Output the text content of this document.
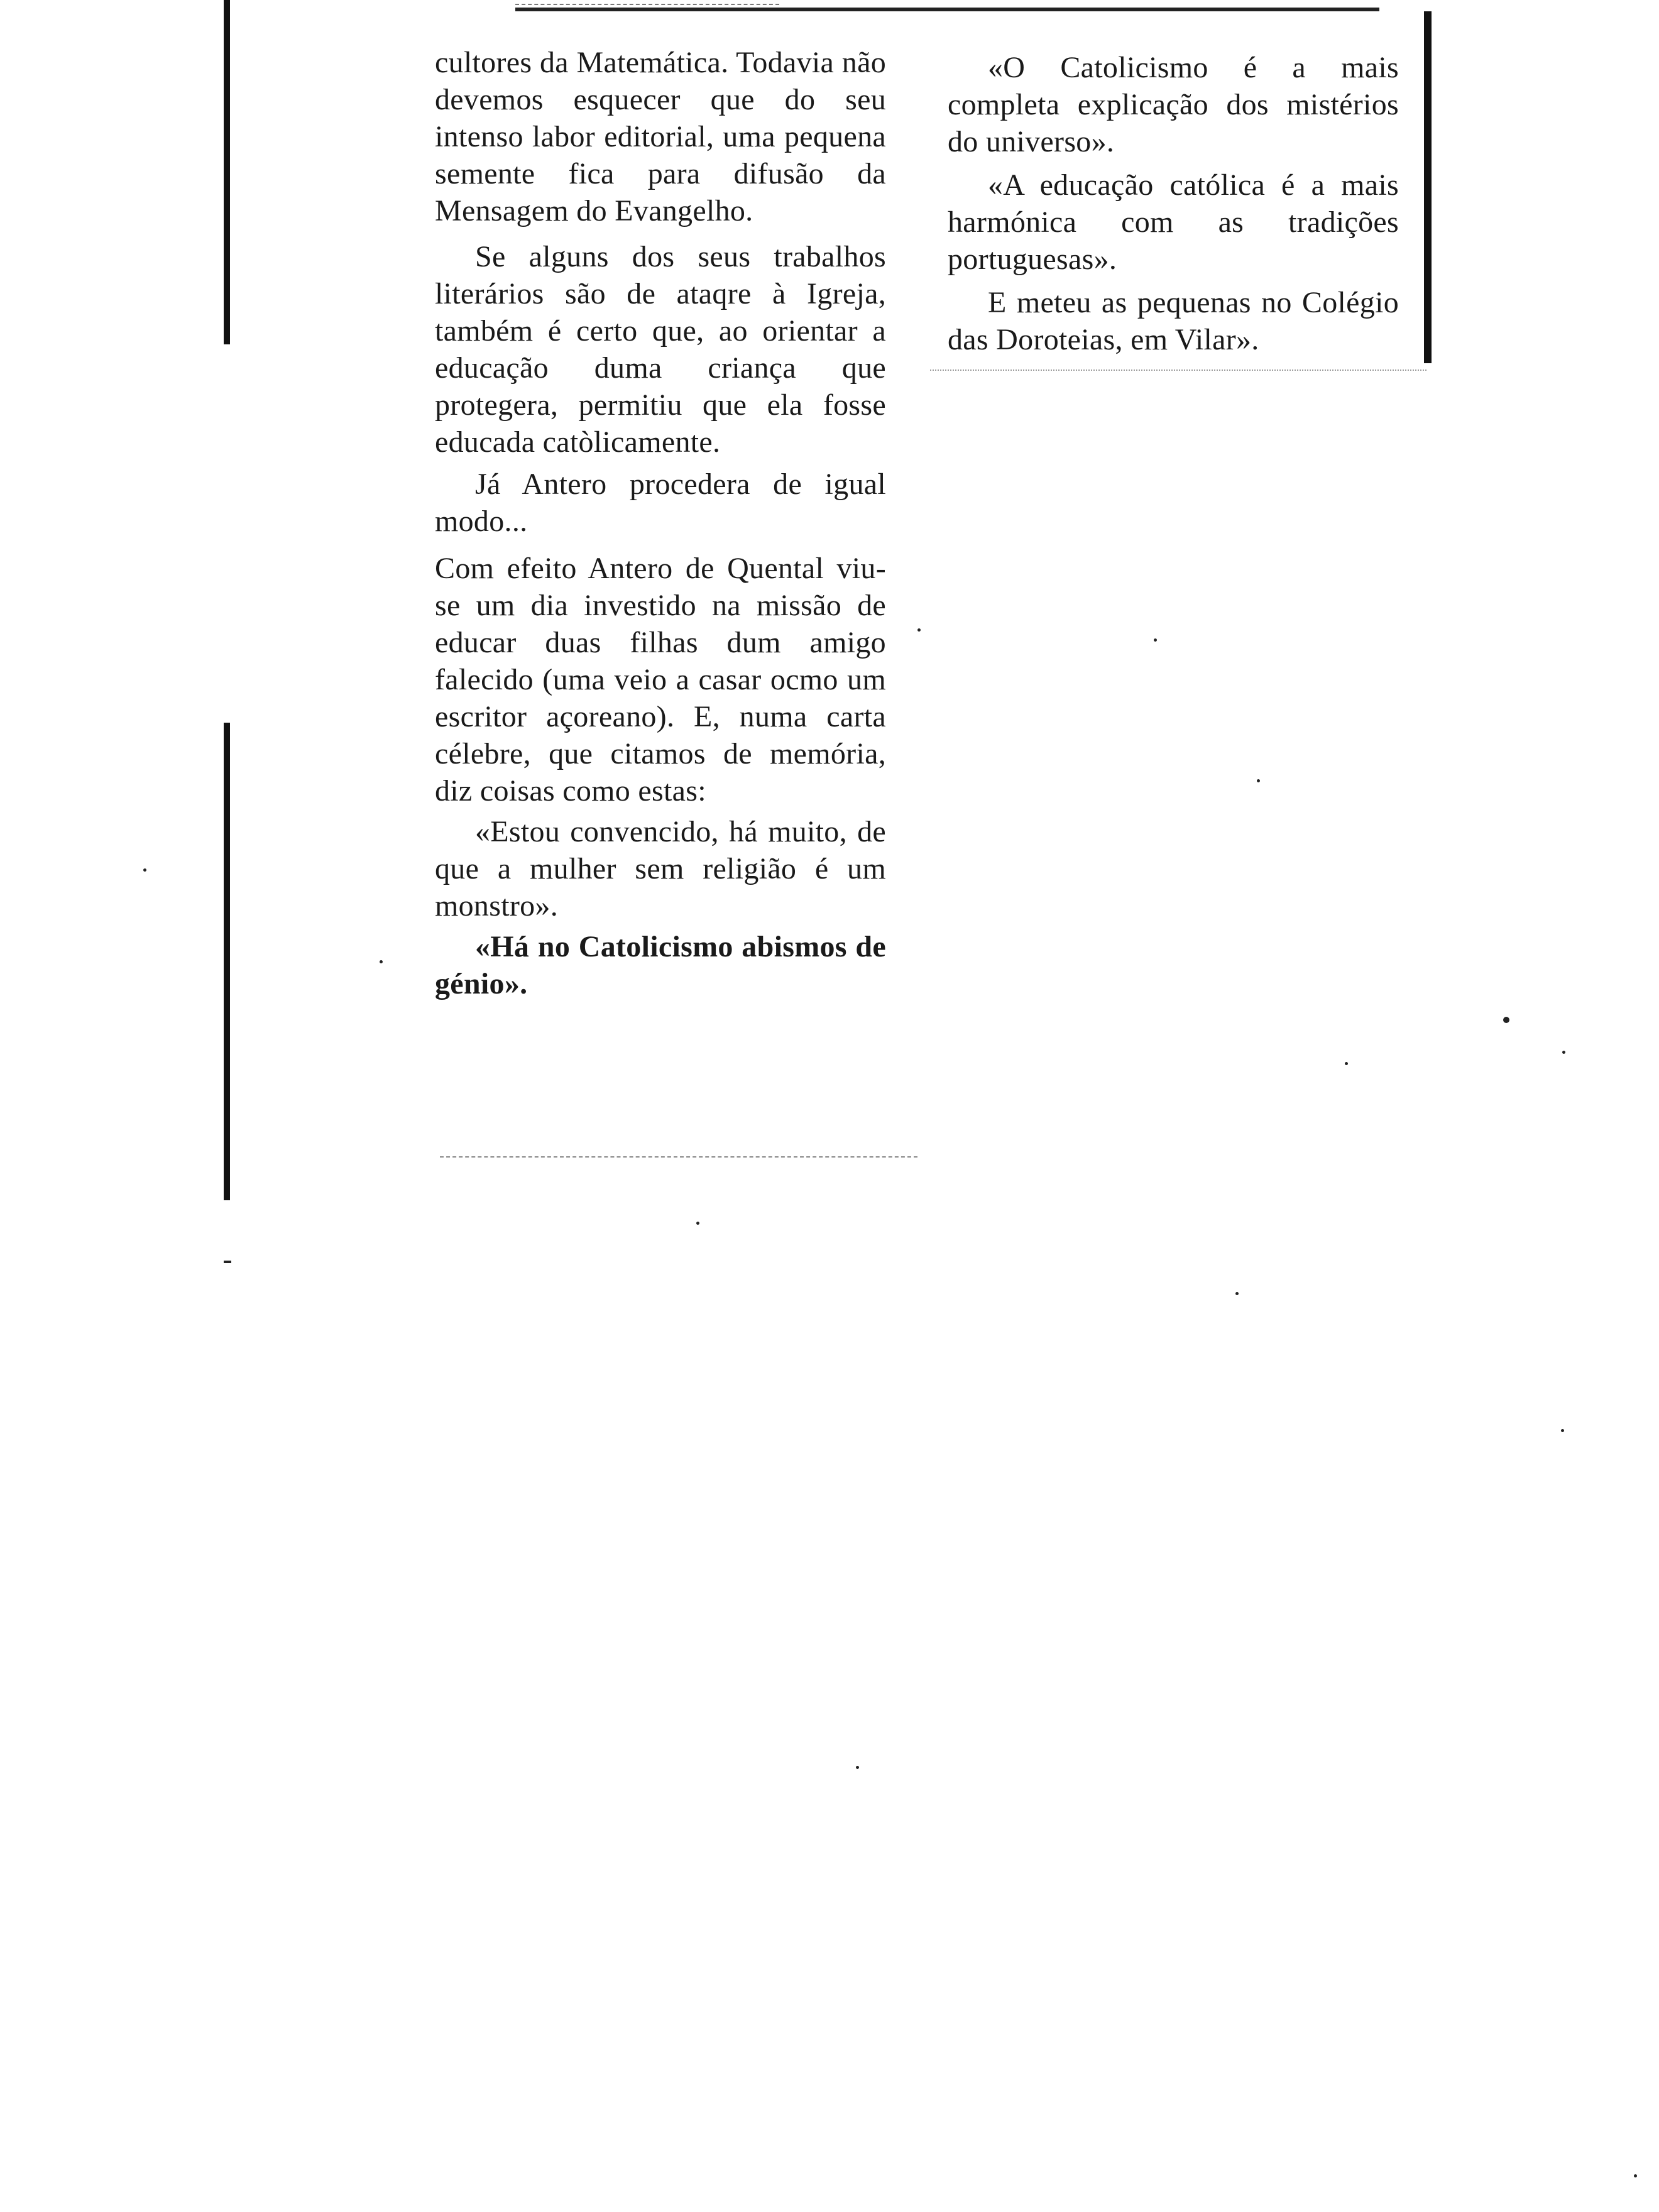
cultores da Matemática. Todavia não devemos esquecer que do seu intenso labor editorial, uma pequena semente fica para difusão da Mensagem do Evangelho.

Se alguns dos seus trabalhos literários são de ataqre à Igreja, também é certo que, ao orientar a educação duma criança que protegera, permitiu que ela fosse educada catòlicamente.

Já Antero procedera de igual modo...

Com efeito Antero de Quental viu-se um dia investido na missão de educar duas filhas dum amigo falecido (uma veio a casar ocmo um escritor açoreano). E, numa carta célebre, que citamos de memória, diz coisas como estas:

«Estou convencido, há muito, de que a mulher sem religião é um monstro».

«Há no Catolicismo abismos de génio».

«O Catolicismo é a mais completa explicação dos mistérios do universo».

«A educação católica é a mais harmónica com as tradições portuguesas».

E meteu as pequenas no Colégio das Doroteias, em Vilar».
